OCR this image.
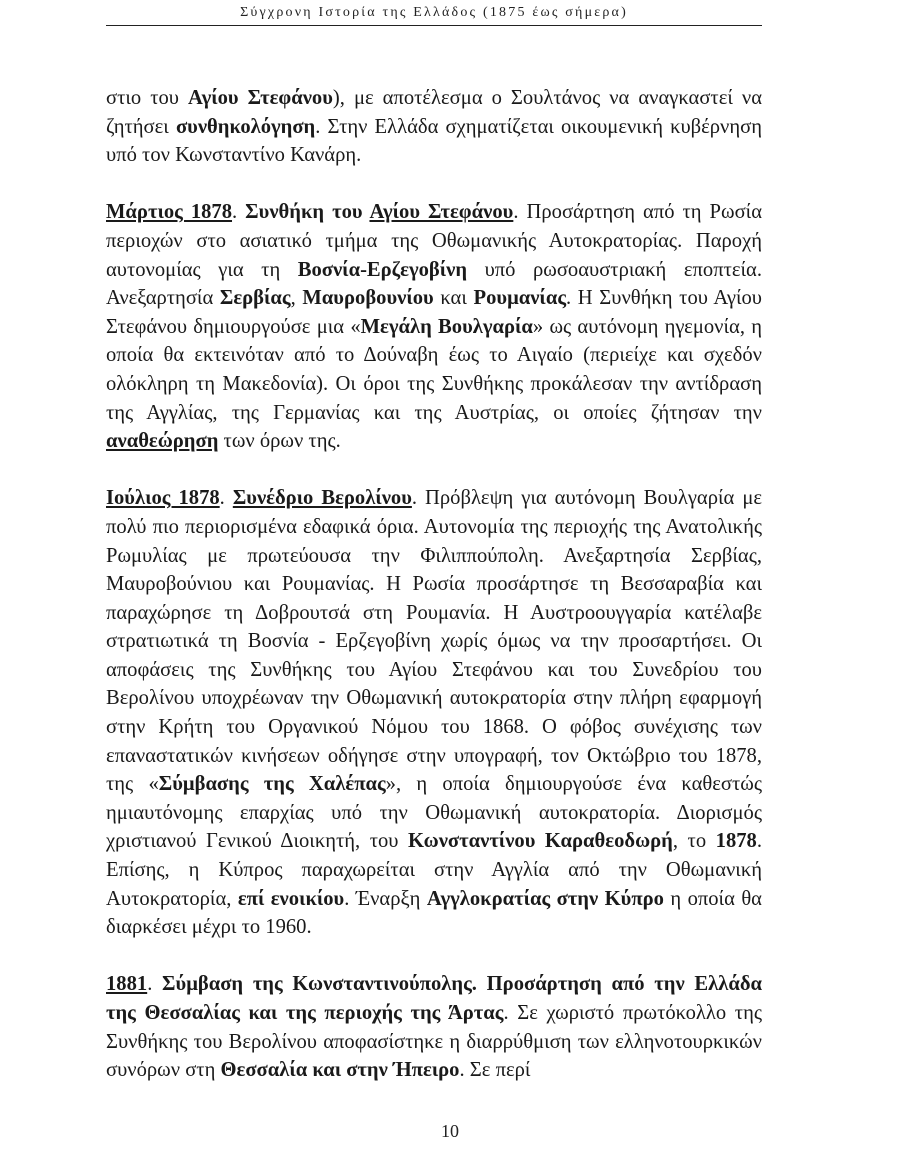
Σύγχρονη Ιστορία της Ελλάδος (1875 έως σήμερα)

στιο του Αγίου Στεφάνου), με αποτέλεσμα ο Σουλτάνος να αναγκαστεί να ζητήσει συνθηκολόγηση. Στην Ελλάδα σχηματίζεται οικουμενική κυβέρνηση υπό τον Κωνσταντίνο Κανάρη.

Μάρτιος 1878. Συνθήκη του Αγίου Στεφάνου. Προσάρτηση από τη Ρωσία περιοχών στο ασιατικό τμήμα της Οθωμανικής Αυτοκρατορίας. Παροχή αυτονομίας για τη Βοσνία-Ερζεγοβίνη υπό ρωσοαυστριακή εποπτεία. Ανεξαρτησία Σερβίας, Μαυροβουνίου και Ρουμανίας. Η Συνθήκη του Αγίου Στεφάνου δημιουργούσε μια «Μεγάλη Βουλγαρία» ως αυτόνομη ηγεμονία, η οποία θα εκτεινόταν από το Δούναβη έως το Αιγαίο (περιείχε και σχεδόν ολόκληρη τη Μακεδονία). Οι όροι της Συνθήκης προκάλεσαν την αντίδραση της Αγγλίας, της Γερμανίας και της Αυστρίας, οι οποίες ζήτησαν την αναθεώρηση των όρων της.

Ιούλιος 1878. Συνέδριο Βερολίνου. Πρόβλεψη για αυτόνομη Βουλγαρία με πολύ πιο περιορισμένα εδαφικά όρια. Αυτονομία της περιοχής της Ανατολικής Ρωμυλίας με πρωτεύουσα την Φιλιππούπολη. Ανεξαρτησία Σερβίας, Μαυροβούνιου και Ρουμανίας. Η Ρωσία προσάρτησε τη Βεσσαραβία και παραχώρησε τη Δοβρουτσά στη Ρουμανία. Η Αυστροουγγαρία κατέλαβε στρατιωτικά τη Βοσνία - Ερζεγοβίνη χωρίς όμως να την προσαρτήσει. Οι αποφάσεις της Συνθήκης του Αγίου Στεφάνου και του Συνεδρίου του Βερολίνου υποχρέωναν την Οθωμανική αυτοκρατορία στην πλήρη εφαρμογή στην Κρήτη του Οργανικού Νόμου του 1868. Ο φόβος συνέχισης των επαναστατικών κινήσεων οδήγησε στην υπογραφή, τον Οκτώβριο του 1878, της «Σύμβασης της Χαλέπας», η οποία δημιουργούσε ένα καθεστώς ημιαυτόνομης επαρχίας υπό την Οθωμανική αυτοκρατορία. Διορισμός χριστιανού Γενικού Διοικητή, του Κωνσταντίνου Καραθεοδωρή, το 1878. Επίσης, η Κύπρος παραχωρείται στην Αγγλία από την Οθωμανική Αυτοκρατορία, επί ενοικίου. Έναρξη Αγγλοκρατίας στην Κύπρο η οποία θα διαρκέσει μέχρι το 1960.

1881. Σύμβαση της Κωνσταντινούπολης. Προσάρτηση από την Ελλάδα της Θεσσαλίας και της περιοχής της Άρτας. Σε χωριστό πρωτόκολλο της Συνθήκης του Βερολίνου αποφασίστηκε η διαρρύθμιση των ελληνοτουρκικών συνόρων στη Θεσσαλία και στην Ήπειρο. Σε περί

10
